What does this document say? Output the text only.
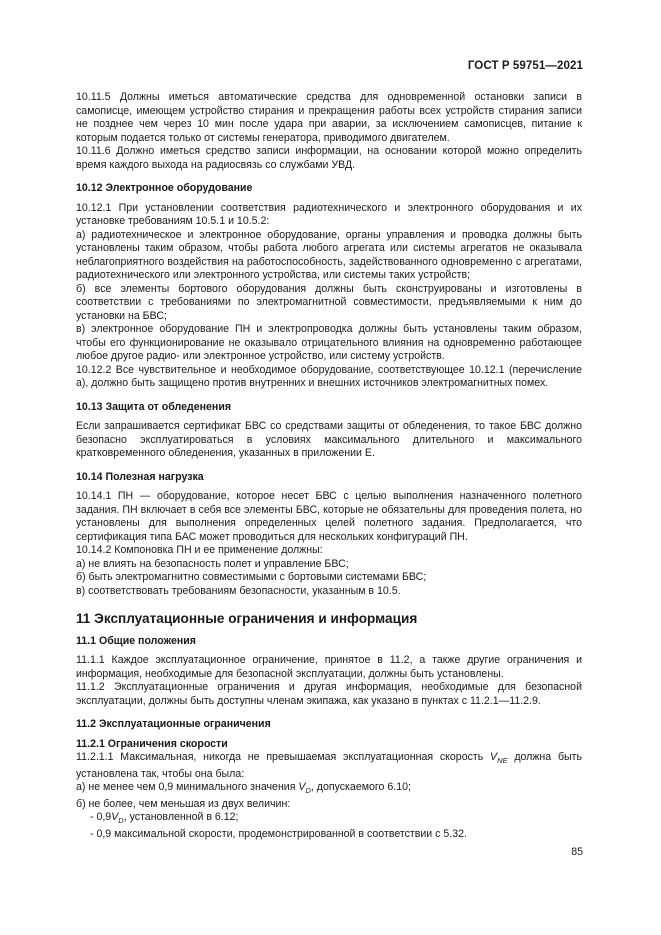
ГОСТ Р 59751—2021

10.11.5 Должны иметься автоматические средства для одновременной остановки записи в самописце, имеющем устройство стирания и прекращения работы всех устройств стирания записи не позднее чем через 10 мин после удара при аварии, за исключением самописцев, питание к которым подается только от системы генератора, приводимого двигателем.

10.11.6 Должно иметься средство записи информации, на основании которой можно определить время каждого выхода на радиосвязь со службами УВД.

10.12 Электронное оборудование

10.12.1 При установлении соответствия радиотехнического и электронного оборудования и их установке требованиям 10.5.1 и 10.5.2:

а) радиотехническое и электронное оборудование, органы управления и проводка должны быть установлены таким образом, чтобы работа любого агрегата или системы агрегатов не оказывала неблагоприятного воздействия на работоспособность, задействованного одновременно с агрегатами, радиотехнического или электронного устройства, или системы таких устройств;

б) все элементы бортового оборудования должны быть сконструированы и изготовлены в соответствии с требованиями по электромагнитной совместимости, предъявляемыми к ним до установки на БВС;

в) электронное оборудование ПН и электропроводка должны быть установлены таким образом, чтобы его функционирование не оказывало отрицательного влияния на одновременно работающее любое другое радио- или электронное устройство, или систему устройств.

10.12.2 Все чувствительное и необходимое оборудование, соответствующее 10.12.1 (перечисление а), должно быть защищено против внутренних и внешних источников электромагнитных помех.

10.13 Защита от обледенения

Если запрашивается сертификат БВС со средствами защиты от обледенения, то такое БВС должно безопасно эксплуатироваться в условиях максимального длительного и максимального кратковременного обледенения, указанных в приложении Е.

10.14 Полезная нагрузка

10.14.1 ПН — оборудование, которое несет БВС с целью выполнения назначенного полетного задания. ПН включает в себя все элементы БВС, которые не обязательны для проведения полета, но установлены для выполнения определенных целей полетного задания. Предполагается, что сертификация типа БАС может проводиться для нескольких конфигураций ПН.

10.14.2 Компоновка ПН и ее применение должны:

а) не влиять на безопасность полет и управление БВС;

б) быть электромагнитно совместимыми с бортовыми системами БВС;

в) соответствовать требованиям безопасности, указанным в 10.5.

11 Эксплуатационные ограничения и информация
11.1 Общие положения

11.1.1 Каждое эксплуатационное ограничение, принятое в 11.2, а также другие ограничения и информация, необходимые для безопасной эксплуатации, должны быть установлены.

11.1.2 Эксплуатационные ограничения и другая информация, необходимые для безопасной эксплуатации, должны быть доступны членам экипажа, как указано в пунктах с 11.2.1—11.2.9.

11.2 Эксплуатационные ограничения
11.2.1 Ограничения скорости

11.2.1.1 Максимальная, никогда не превышаемая эксплуатационная скорость $V_{NE}$ должна быть установлена так, чтобы она была:

а) не менее чем 0,9 минимального значения $V_D$, допускаемого 6.10;

б) не более, чем меньшая из двух величин:

- $0,9V_D$, установленной в 6.12;

- 0,9 максимальной скорости, продемонстрированной в соответствии с 5.32.

85
